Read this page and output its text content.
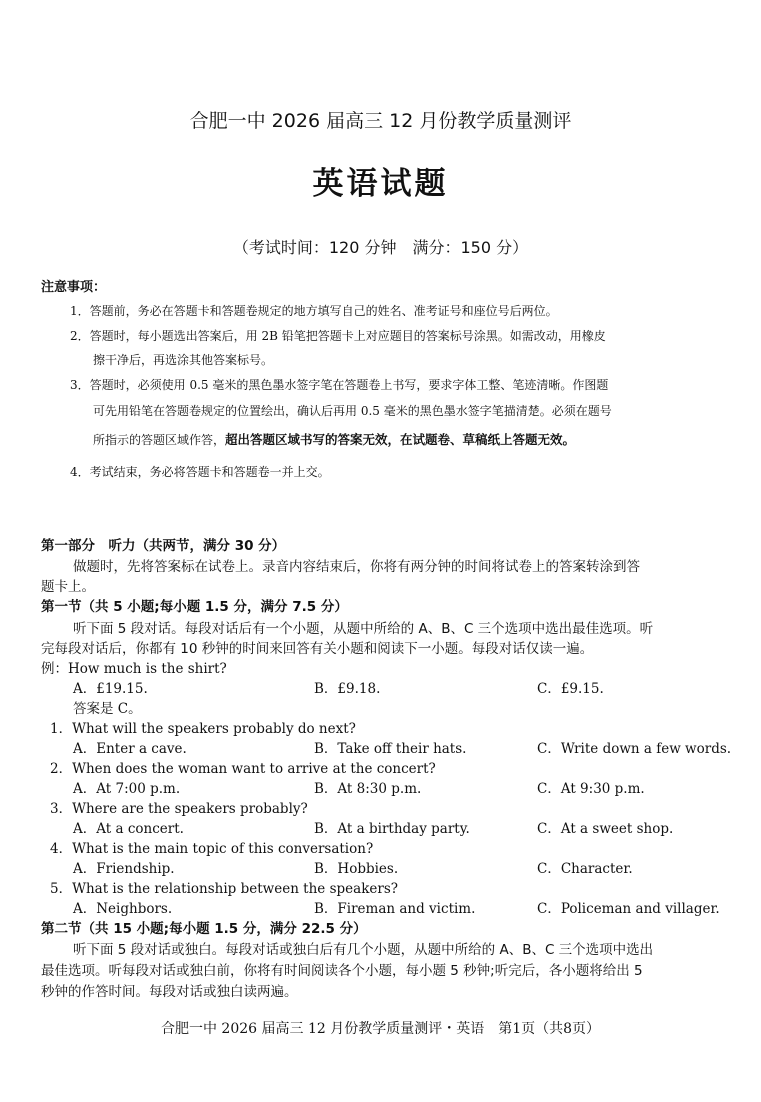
合肥一中 2026 届高三 12 月份教学质量测评
英语试题
（考试时间：120 分钟　满分：150 分）
注意事项：
1．答题前，务必在答题卡和答题卷规定的地方填写自己的姓名、准考证号和座位号后两位。
2．答题时，每小题选出答案后，用 2B 铅笔把答题卡上对应题目的答案标号涂黑。如需改动，用橡皮
擦干净后，再选涂其他答案标号。
3．答题时，必须使用 0.5 毫米的黑色墨水签字笔在答题卷上书写，要求字体工整、笔迹清晰。作图题
可先用铅笔在答题卷规定的位置绘出，确认后再用 0.5 毫米的黑色墨水签字笔描清楚。必须在题号
所指示的答题区域作答，超出答题区域书写的答案无效，在试题卷、草稿纸上答题无效。
4．考试结束，务必将答题卡和答题卷一并上交。
第一部分　听力（共两节，满分 30 分）
做题时，先将答案标在试卷上。录音内容结束后，你将有两分钟的时间将试卷上的答案转涂到答
题卡上。
第一节（共 5 小题;每小题 1.5 分，满分 7.5 分）
听下面 5 段对话。每段对话后有一个小题，从题中所给的 A、B、C 三个选项中选出最佳选项。听
完每段对话后，你都有 10 秒钟的时间来回答有关小题和阅读下一小题。每段对话仅读一遍。
例：How much is the shirt?
A．£19.15.	B．£9.18.	C．£9.15.
答案是 C。
1．What will the speakers probably do next?
A．Enter a cave.	B．Take off their hats.	C．Write down a few words.
2．When does the woman want to arrive at the concert?
A．At 7:00 p.m.	B．At 8:30 p.m.	C．At 9:30 p.m.
3．Where are the speakers probably?
A．At a concert.	B．At a birthday party.	C．At a sweet shop.
4．What is the main topic of this conversation?
A．Friendship.	B．Hobbies.	C．Character.
5．What is the relationship between the speakers?
A．Neighbors.	B．Fireman and victim.	C．Policeman and villager.
第二节（共 15 小题;每小题 1.5 分，满分 22.5 分）
听下面 5 段对话或独白。每段对话或独白后有几个小题，从题中所给的 A、B、C 三个选项中选出
最佳选项。听每段对话或独白前，你将有时间阅读各个小题，每小题 5 秒钟;听完后，各小题将给出 5
秒钟的作答时间。每段对话或独白读两遍。
合肥一中 2026 届高三 12 月份教学质量测评・英语　第1页（共8页）
